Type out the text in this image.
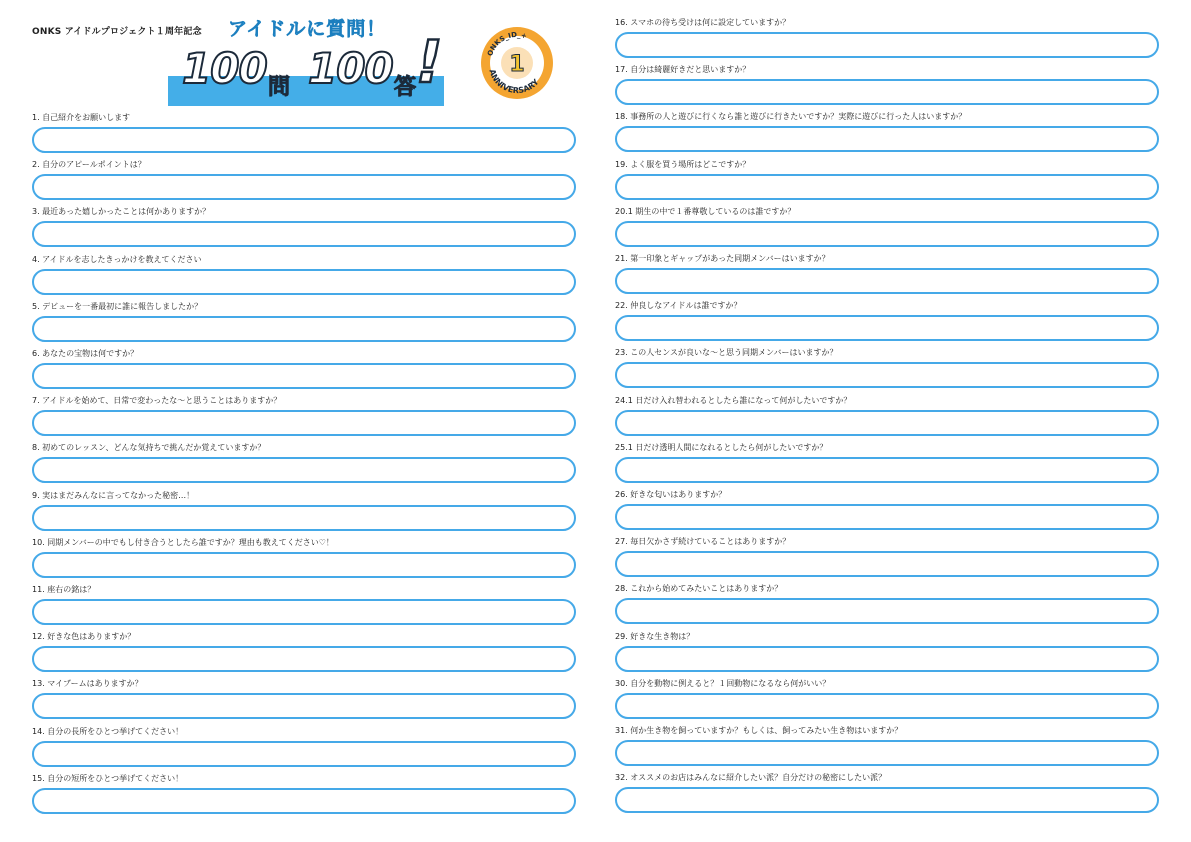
ONKS アイドルプロジェクト１周年記念 アイドルに質問！
100 問 100 答 !	ONKS_ID_+
1
ANNIVERSARY
1. 自己紹介をお願いします
2. 自分のアピールポイントは？
3. 最近あった嬉しかったことは何かありますか？
4. アイドルを志したきっかけを教えてください
5. デビューを一番最初に誰に報告しましたか？
6. あなたの宝物は何ですか？
7. アイドルを始めて、日常で変わったな〜と思うことはありますか？
8. 初めてのレッスン、どんな気持ちで挑んだか覚えていますか？
9. 実はまだみんなに言ってなかった秘密…！
10. 同期メンバーの中でもし付き合うとしたら誰ですか？理由も教えてください♡！
11. 座右の銘は？
12. 好きな色はありますか？
13. マイブームはありますか？
14. 自分の長所をひとつ挙げてください！
15. 自分の短所をひとつ挙げてください！
16. スマホの待ち受けは何に設定していますか？
17. 自分は綺麗好きだと思いますか？
18. 事務所の人と遊びに行くなら誰と遊びに行きたいですか？実際に遊びに行った人はいますか？
19. よく服を買う場所はどこですか？
20.1 期生の中で１番尊敬しているのは誰ですか？
21. 第一印象とギャップがあった同期メンバーはいますか？
22. 仲良しなアイドルは誰ですか？
23. この人センスが良いな〜と思う同期メンバーはいますか？
24.1 日だけ入れ替われるとしたら誰になって何がしたいですか？
25.1 日だけ透明人間になれるとしたら何がしたいですか？
26. 好きな匂いはありますか？
27. 毎日欠かさず続けていることはありますか？
28. これから始めてみたいことはありますか？
29. 好きな生き物は？
30. 自分を動物に例えると？１回動物になるなら何がいい？
31. 何か生き物を飼っていますか？もしくは、飼ってみたい生き物はいますか？
32. オススメのお店はみんなに紹介したい派？自分だけの秘密にしたい派？
